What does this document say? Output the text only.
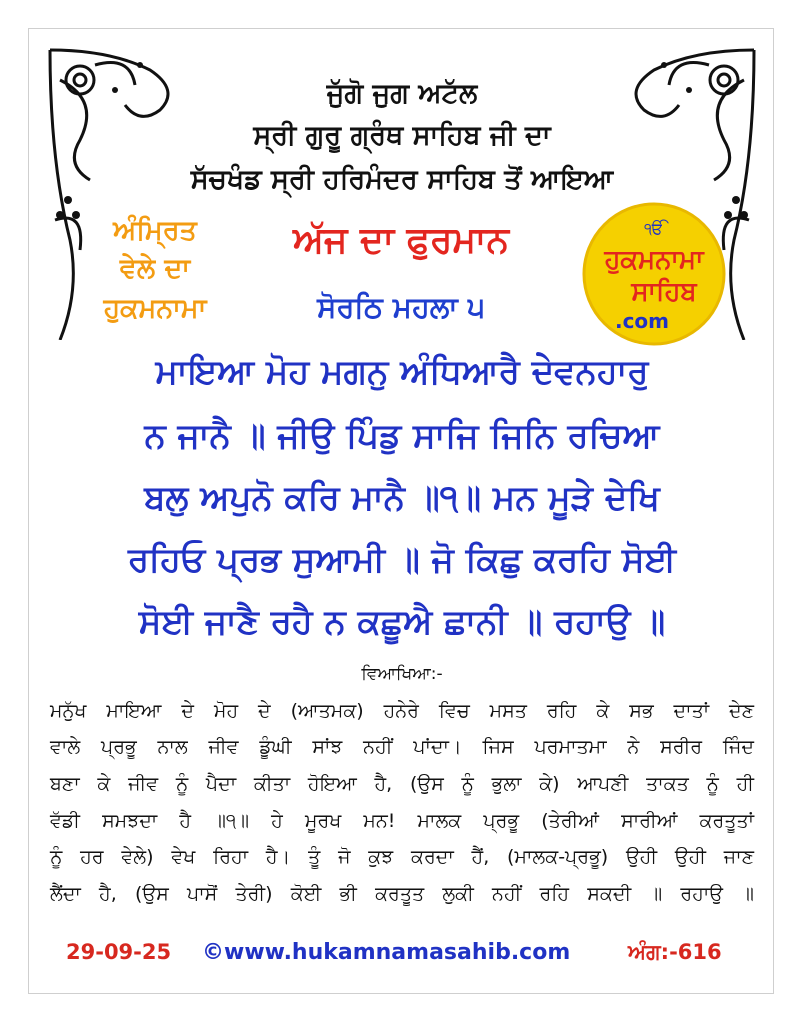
ਜੁੱਗੋ ਜੁਗ ਅਟੱਲ
ਸ੍ਰੀ ਗੁਰੂ ਗ੍ਰੰਥ ਸਾਹਿਬ ਜੀ ਦਾ
ਸੱਚਖੰਡ ਸ੍ਰੀ ਹਰਿਮੰਦਰ ਸਾਹਿਬ ਤੋਂ ਆਇਆ
ਅੰਮ੍ਰਿਤ
ਵੇਲੇ ਦਾ
ਹੁਕਮਨਾਮਾ
ਅੱਜ ਦਾ ਫੁਰਮਾਨ
ਸੋਰਠਿ ਮਹਲਾ ੫
ੴ
ਹੁਕਮਨਾਮਾ
ਸਾਹਿਬ
.com
ਮਾਇਆ ਮੋਹ ਮਗਨੁ ਅੰਧਿਆਰੈ ਦੇਵਨਹਾਰੁ
ਨ ਜਾਨੈ ॥ ਜੀਉ ਪਿੰਡੁ ਸਾਜਿ ਜਿਨਿ ਰਚਿਆ
ਬਲੁ ਅਪੁਨੋ ਕਰਿ ਮਾਨੈ ॥੧॥ ਮਨ ਮੂੜੇ ਦੇਖਿ
ਰਹਿਓ ਪ੍ਰਭ ਸੁਆਮੀ ॥ ਜੋ ਕਿਛੁ ਕਰਹਿ ਸੋਈ
ਸੋਈ ਜਾਣੈ ਰਹੈ ਨ ਕਛੂਐ ਛਾਨੀ ॥ ਰਹਾਉ ॥
ਵਿਆਖਿਆ:-
ਮਨੁੱਖ ਮਾਇਆ ਦੇ ਮੋਹ ਦੇ (ਆਤਮਕ) ਹਨੇਰੇ ਵਿਚ ਮਸਤ ਰਹਿ ਕੇ ਸਭ ਦਾਤਾਂ ਦੇਣ
ਵਾਲੇ ਪ੍ਰਭੂ ਨਾਲ ਜੀਵ ਡੂੰਘੀ ਸਾਂਝ ਨਹੀਂ ਪਾਂਦਾ। ਜਿਸ ਪਰਮਾਤਮਾ ਨੇ ਸਰੀਰ ਜਿੰਦ
ਬਣਾ ਕੇ ਜੀਵ ਨੂੰ ਪੈਦਾ ਕੀਤਾ ਹੋਇਆ ਹੈ, (ਉਸ ਨੂੰ ਭੁਲਾ ਕੇ) ਆਪਣੀ ਤਾਕਤ ਨੂੰ ਹੀ
ਵੱਡੀ ਸਮਝਦਾ ਹੈ ॥੧॥ ਹੇ ਮੂਰਖ ਮਨ! ਮਾਲਕ ਪ੍ਰਭੂ (ਤੇਰੀਆਂ ਸਾਰੀਆਂ ਕਰਤੂਤਾਂ
ਨੂੰ ਹਰ ਵੇਲੇ) ਵੇਖ ਰਿਹਾ ਹੈ। ਤੂੰ ਜੋ ਕੁਝ ਕਰਦਾ ਹੈਂ, (ਮਾਲਕ-ਪ੍ਰਭੂ) ਉਹੀ ਉਹੀ ਜਾਣ
ਲੈਂਦਾ ਹੈ, (ਉਸ ਪਾਸੋਂ ਤੇਰੀ) ਕੋਈ ਭੀ ਕਰਤੂਤ ਲੁਕੀ ਨਹੀਂ ਰਹਿ ਸਕਦੀ ॥ ਰਹਾਉ ॥
29-09-25 ©www.hukamnamasahib.com	ਅੰਗ:-616
